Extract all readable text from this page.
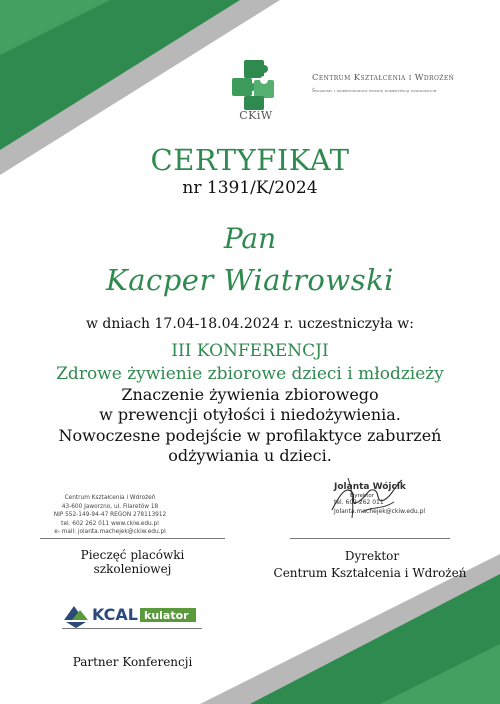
CKiW
Centrum Kształcenia i Wdrożeń
Świadomy i ukierunkowany rozwój kompetencji zawodowych
CERTYFIKAT
nr 1391/K/2024
Pan
Kacper Wiatrowski
w dniach 17.04-18.04.2024 r. uczestniczyła w:
III KONFERENCJI
Zdrowe żywienie zbiorowe dzieci i młodzieży
Znaczenie żywienia zbiorowego
w prewencji otyłości i niedożywienia.
Nowoczesne podejście w profilaktyce zaburzeń
odżywiania u dzieci.
Centrum Kształcenia i Wdrożeń
43-600 Jaworzno, ul. Filaretów 18
NIP 552-149-94-47 REGON 278113912
tel. 602 262 011 www.ckiw.edu.pl
e- mail: jolanta.machejek@ckiw.edu.pl
Pieczęć placówki szkoleniowej
Jolanta Wójcik
Dyrektor
tel. 602 262 011
Jolanta.machejek@ckiw.edu.pl
Dyrektor
Centrum Kształcenia i Wdrożeń
KCAL kulator
Partner Konferencji
